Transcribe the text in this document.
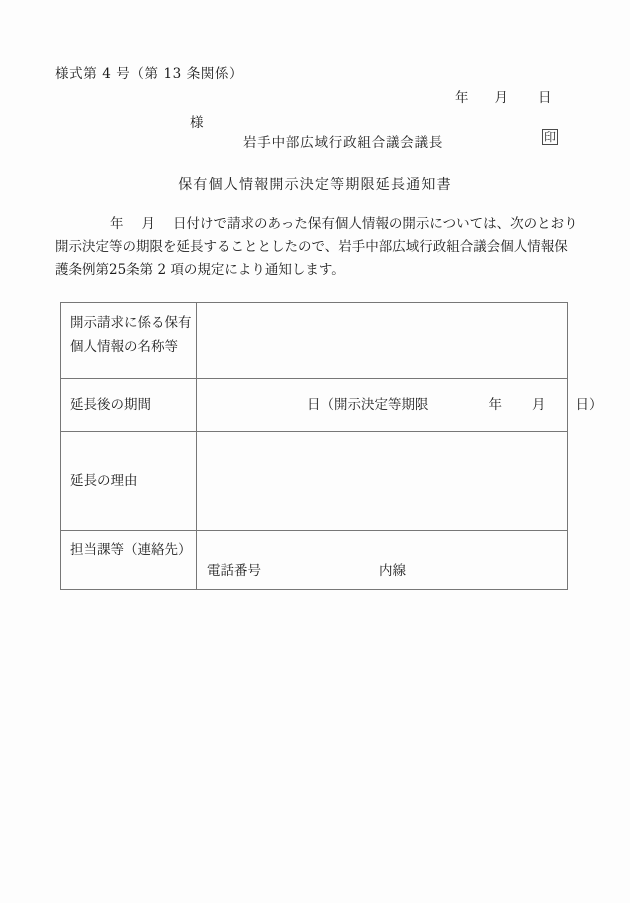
様式第 4 号（第 13 条関係）
年 月 日
様
岩手中部広域行政組合議会議長	印
保有個人情報開示決定等期限延長通知書
年 月 日付けで請求のあった保有個人情報の開示については、次のとおり
開示決定等の期限を延長することとしたので、岩手中部広域行政組合議会個人情報保
護条例第25条第 2 項の規定により通知します。
開示請求に係る保有
個人情報の名称等	

延長後の期間	日（開示決定等期限 年 月 日）
延長の理由	
担当課等（連絡先）	電話番号 内線
